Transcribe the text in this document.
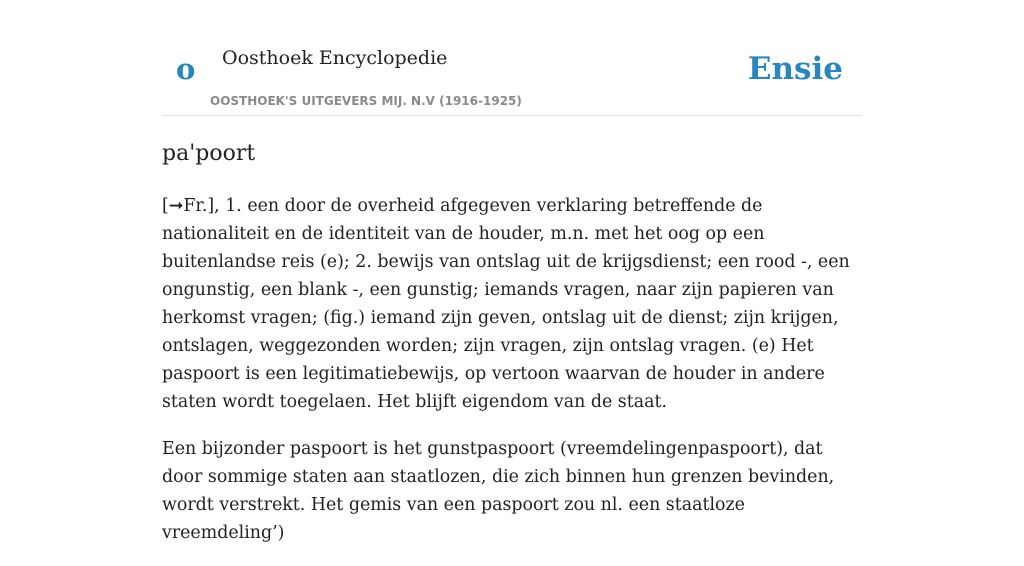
o Oosthoek Encyclopedie
OOSTHOEK'S UITGEVERS MIJ. N.V (1916-1925)
Ensie
pa'poort

[➞Fr.], 1. een door de overheid afgegeven verklaring betreffende de nationaliteit en de identiteit van de houder, m.n. met het oog op een buitenlandse reis (e); 2. bewijs van ontslag uit de krijgsdienst; een rood -, een ongunstig, een blank -, een gunstig; iemands vragen, naar zijn papieren van herkomst vragen; (fig.) iemand zijn geven, ontslag uit de dienst; zijn krijgen, ontslagen, weggezonden worden; zijn vragen, zijn ontslag vragen. (e) Het paspoort is een legitimatiebewijs, op vertoon waarvan de houder in andere staten wordt toegelaen. Het blijft eigendom van de staat.

Een bijzonder paspoort is het gunstpaspoort (vreemdelingenpaspoort), dat door sommige staten aan staatlozen, die zich binnen hun grenzen bevinden, wordt verstrekt. Het gemis van een paspoort zou nl. een staatloze vreemdeling’)
